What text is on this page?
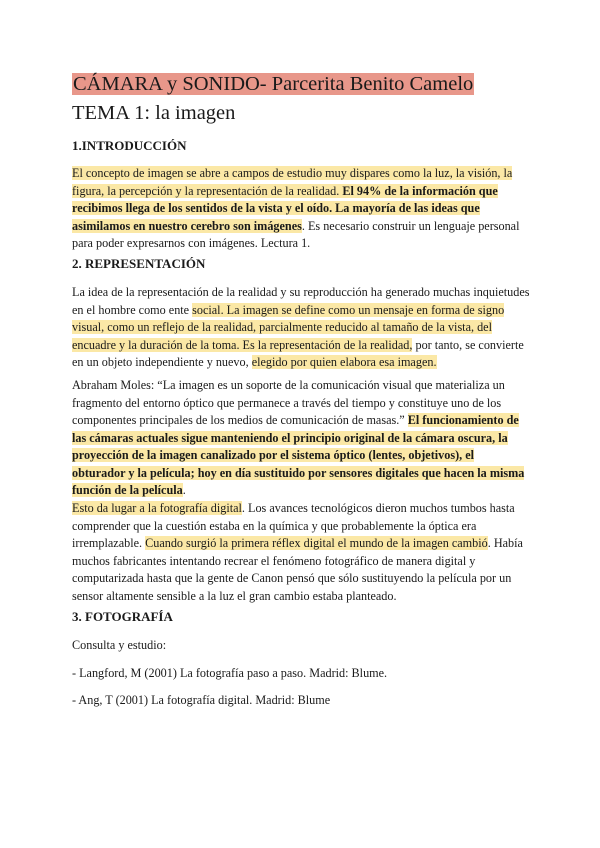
CÁMARA y SONIDO- Parcerita Benito Camelo
TEMA 1: la imagen
1.INTRODUCCIÓN
El concepto de imagen se abre a campos de estudio muy dispares como la luz, la visión, la
figura, la percepción y la representación de la realidad. El 94% de la información que
recibimos llega de los sentidos de la vista y el oído. La mayoría de las ideas que
asimilamos en nuestro cerebro son imágenes. Es necesario construir un lenguaje personal
para poder expresarnos con imágenes. Lectura 1.
2. REPRESENTACIÓN
La idea de la representación de la realidad y su reproducción ha generado muchas inquietudes
en el hombre como ente social. La imagen se define como un mensaje en forma de signo
visual, como un reflejo de la realidad, parcialmente reducido al tamaño de la vista, del
encuadre y la duración de la toma. Es la representación de la realidad, por tanto, se convierte
en un objeto independiente y nuevo, elegido por quien elabora esa imagen.
Abraham Moles: “La imagen es un soporte de la comunicación visual que materializa un
fragmento del entorno óptico que permanece a través del tiempo y constituye uno de los
componentes principales de los medios de comunicación de masas.” El funcionamiento de
las cámaras actuales sigue manteniendo el principio original de la cámara oscura, la
proyección de la imagen canalizado por el sistema óptico (lentes, objetivos), el
obturador y la película; hoy en día sustituido por sensores digitales que hacen la misma
función de la película.
Esto da lugar a la fotografía digital. Los avances tecnológicos dieron muchos tumbos hasta
comprender que la cuestión estaba en la química y que probablemente la óptica era
irremplazable. Cuando surgió la primera réflex digital el mundo de la imagen cambió. Había
muchos fabricantes intentando recrear el fenómeno fotográfico de manera digital y
computarizada hasta que la gente de Canon pensó que sólo sustituyendo la película por un
sensor altamente sensible a la luz el gran cambio estaba planteado.
3. FOTOGRAFÍA
Consulta y estudio:
- Langford, M (2001) La fotografía paso a paso. Madrid: Blume.
- Ang, T (2001) La fotografía digital. Madrid: Blume
